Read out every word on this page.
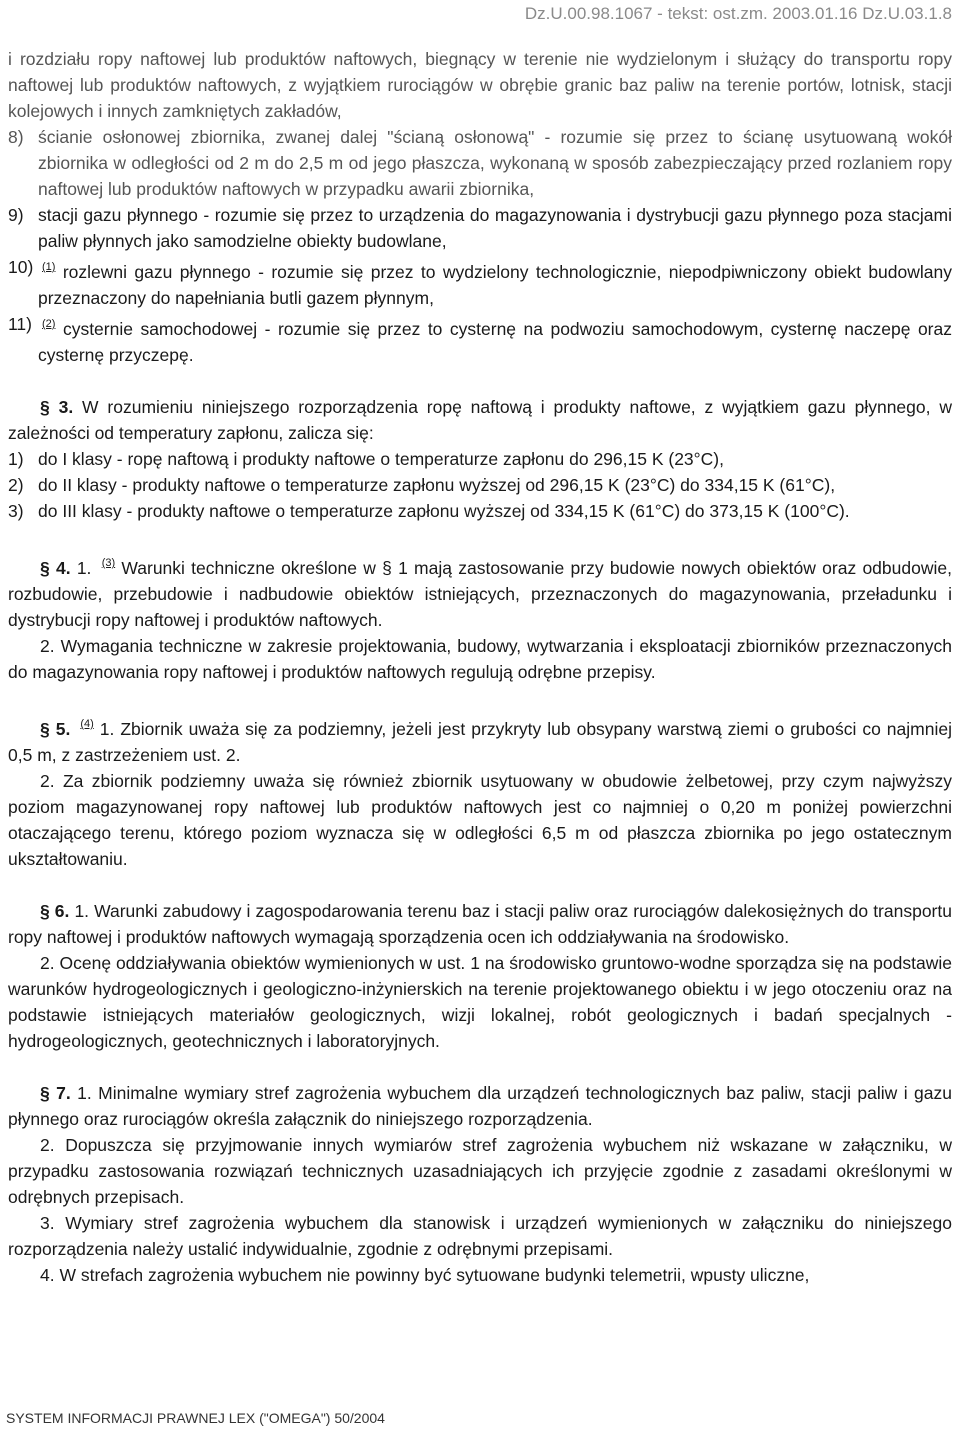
Dz.U.00.98.1067 - tekst: ost.zm. 2003.01.16 Dz.U.03.1.8

i rozdziału ropy naftowej lub produktów naftowych, biegnący w terenie nie wydzielonym i służący do transportu ropy naftowej lub produktów naftowych, z wyjątkiem rurociągów w obrębie granic baz paliw na terenie portów, lotnisk, stacji kolejowych i innych zamkniętych zakładów,

8) ścianie osłonowej zbiornika, zwanej dalej "ścianą osłonową" - rozumie się przez to ścianę usytuowaną wokół zbiornika w odległości od 2 m do 2,5 m od jego płaszcza, wykonaną w sposób zabezpieczający przed rozlaniem ropy naftowej lub produktów naftowych w przypadku awarii zbiornika,
9) stacji gazu płynnego - rozumie się przez to urządzenia do magazynowania i dystrybucji gazu płynnego poza stacjami paliw płynnych jako samodzielne obiekty budowlane,
10) $^{(1)}$ rozlewni gazu płynnego - rozumie się przez to wydzielony technologicznie, niepodpiwniczony obiekt budowlany przeznaczony do napełniania butli gazem płynnym,
11) $^{(2)}$ cysternie samochodowej - rozumie się przez to cysternę na podwoziu samochodowym, cysternę naczepę oraz cysternę przyczepę.

§ 3. W rozumieniu niniejszego rozporządzenia ropę naftową i produkty naftowe, z wyjątkiem gazu płynnego, w zależności od temperatury zapłonu, zalicza się:

1) do I klasy - ropę naftową i produkty naftowe o temperaturze zapłonu do 296,15 K (23°C),
2) do II klasy - produkty naftowe o temperaturze zapłonu wyższej od 296,15 K (23°C) do 334,15 K (61°C),
3) do III klasy - produkty naftowe o temperaturze zapłonu wyższej od 334,15 K (61°C) do 373,15 K (100°C).

§ 4. 1. $^{(3)}$ Warunki techniczne określone w § 1 mają zastosowanie przy budowie nowych obiektów oraz odbudowie, rozbudowie, przebudowie i nadbudowie obiektów istniejących, przeznaczonych do magazynowania, przeładunku i dystrybucji ropy naftowej i produktów naftowych.

2. Wymagania techniczne w zakresie projektowania, budowy, wytwarzania i eksploatacji zbiorników przeznaczonych do magazynowania ropy naftowej i produktów naftowych regulują odrębne przepisy.

§ 5. $^{(4)}$ 1. Zbiornik uważa się za podziemny, jeżeli jest przykryty lub obsypany warstwą ziemi o grubości co najmniej 0,5 m, z zastrzeżeniem ust. 2.

2. Za zbiornik podziemny uważa się również zbiornik usytuowany w obudowie żelbetowej, przy czym najwyższy poziom magazynowanej ropy naftowej lub produktów naftowych jest co najmniej o 0,20 m poniżej powierzchni otaczającego terenu, którego poziom wyznacza się w odległości 6,5 m od płaszcza zbiornika po jego ostatecznym ukształtowaniu.

§ 6. 1. Warunki zabudowy i zagospodarowania terenu baz i stacji paliw oraz rurociągów dalekosiężnych do transportu ropy naftowej i produktów naftowych wymagają sporządzenia ocen ich oddziaływania na środowisko.

2. Ocenę oddziaływania obiektów wymienionych w ust. 1 na środowisko gruntowo-wodne sporządza się na podstawie warunków hydrogeologicznych i geologiczno-inżynierskich na terenie projektowanego obiektu i w jego otoczeniu oraz na podstawie istniejących materiałów geologicznych, wizji lokalnej, robót geologicznych i badań specjalnych - hydrogeologicznych, geotechnicznych i laboratoryjnych.

§ 7. 1. Minimalne wymiary stref zagrożenia wybuchem dla urządzeń technologicznych baz paliw, stacji paliw i gazu płynnego oraz rurociągów określa załącznik do niniejszego rozporządzenia.

2. Dopuszcza się przyjmowanie innych wymiarów stref zagrożenia wybuchem niż wskazane w załączniku, w przypadku zastosowania rozwiązań technicznych uzasadniających ich przyjęcie zgodnie z zasadami określonymi w odrębnych przepisach.

3. Wymiary stref zagrożenia wybuchem dla stanowisk i urządzeń wymienionych w załączniku do niniejszego rozporządzenia należy ustalić indywidualnie, zgodnie z odrębnymi przepisami.

4. W strefach zagrożenia wybuchem nie powinny być sytuowane budynki telemetrii, wpusty uliczne,

SYSTEM INFORMACJI PRAWNEJ LEX ("OMEGA") 50/2004
